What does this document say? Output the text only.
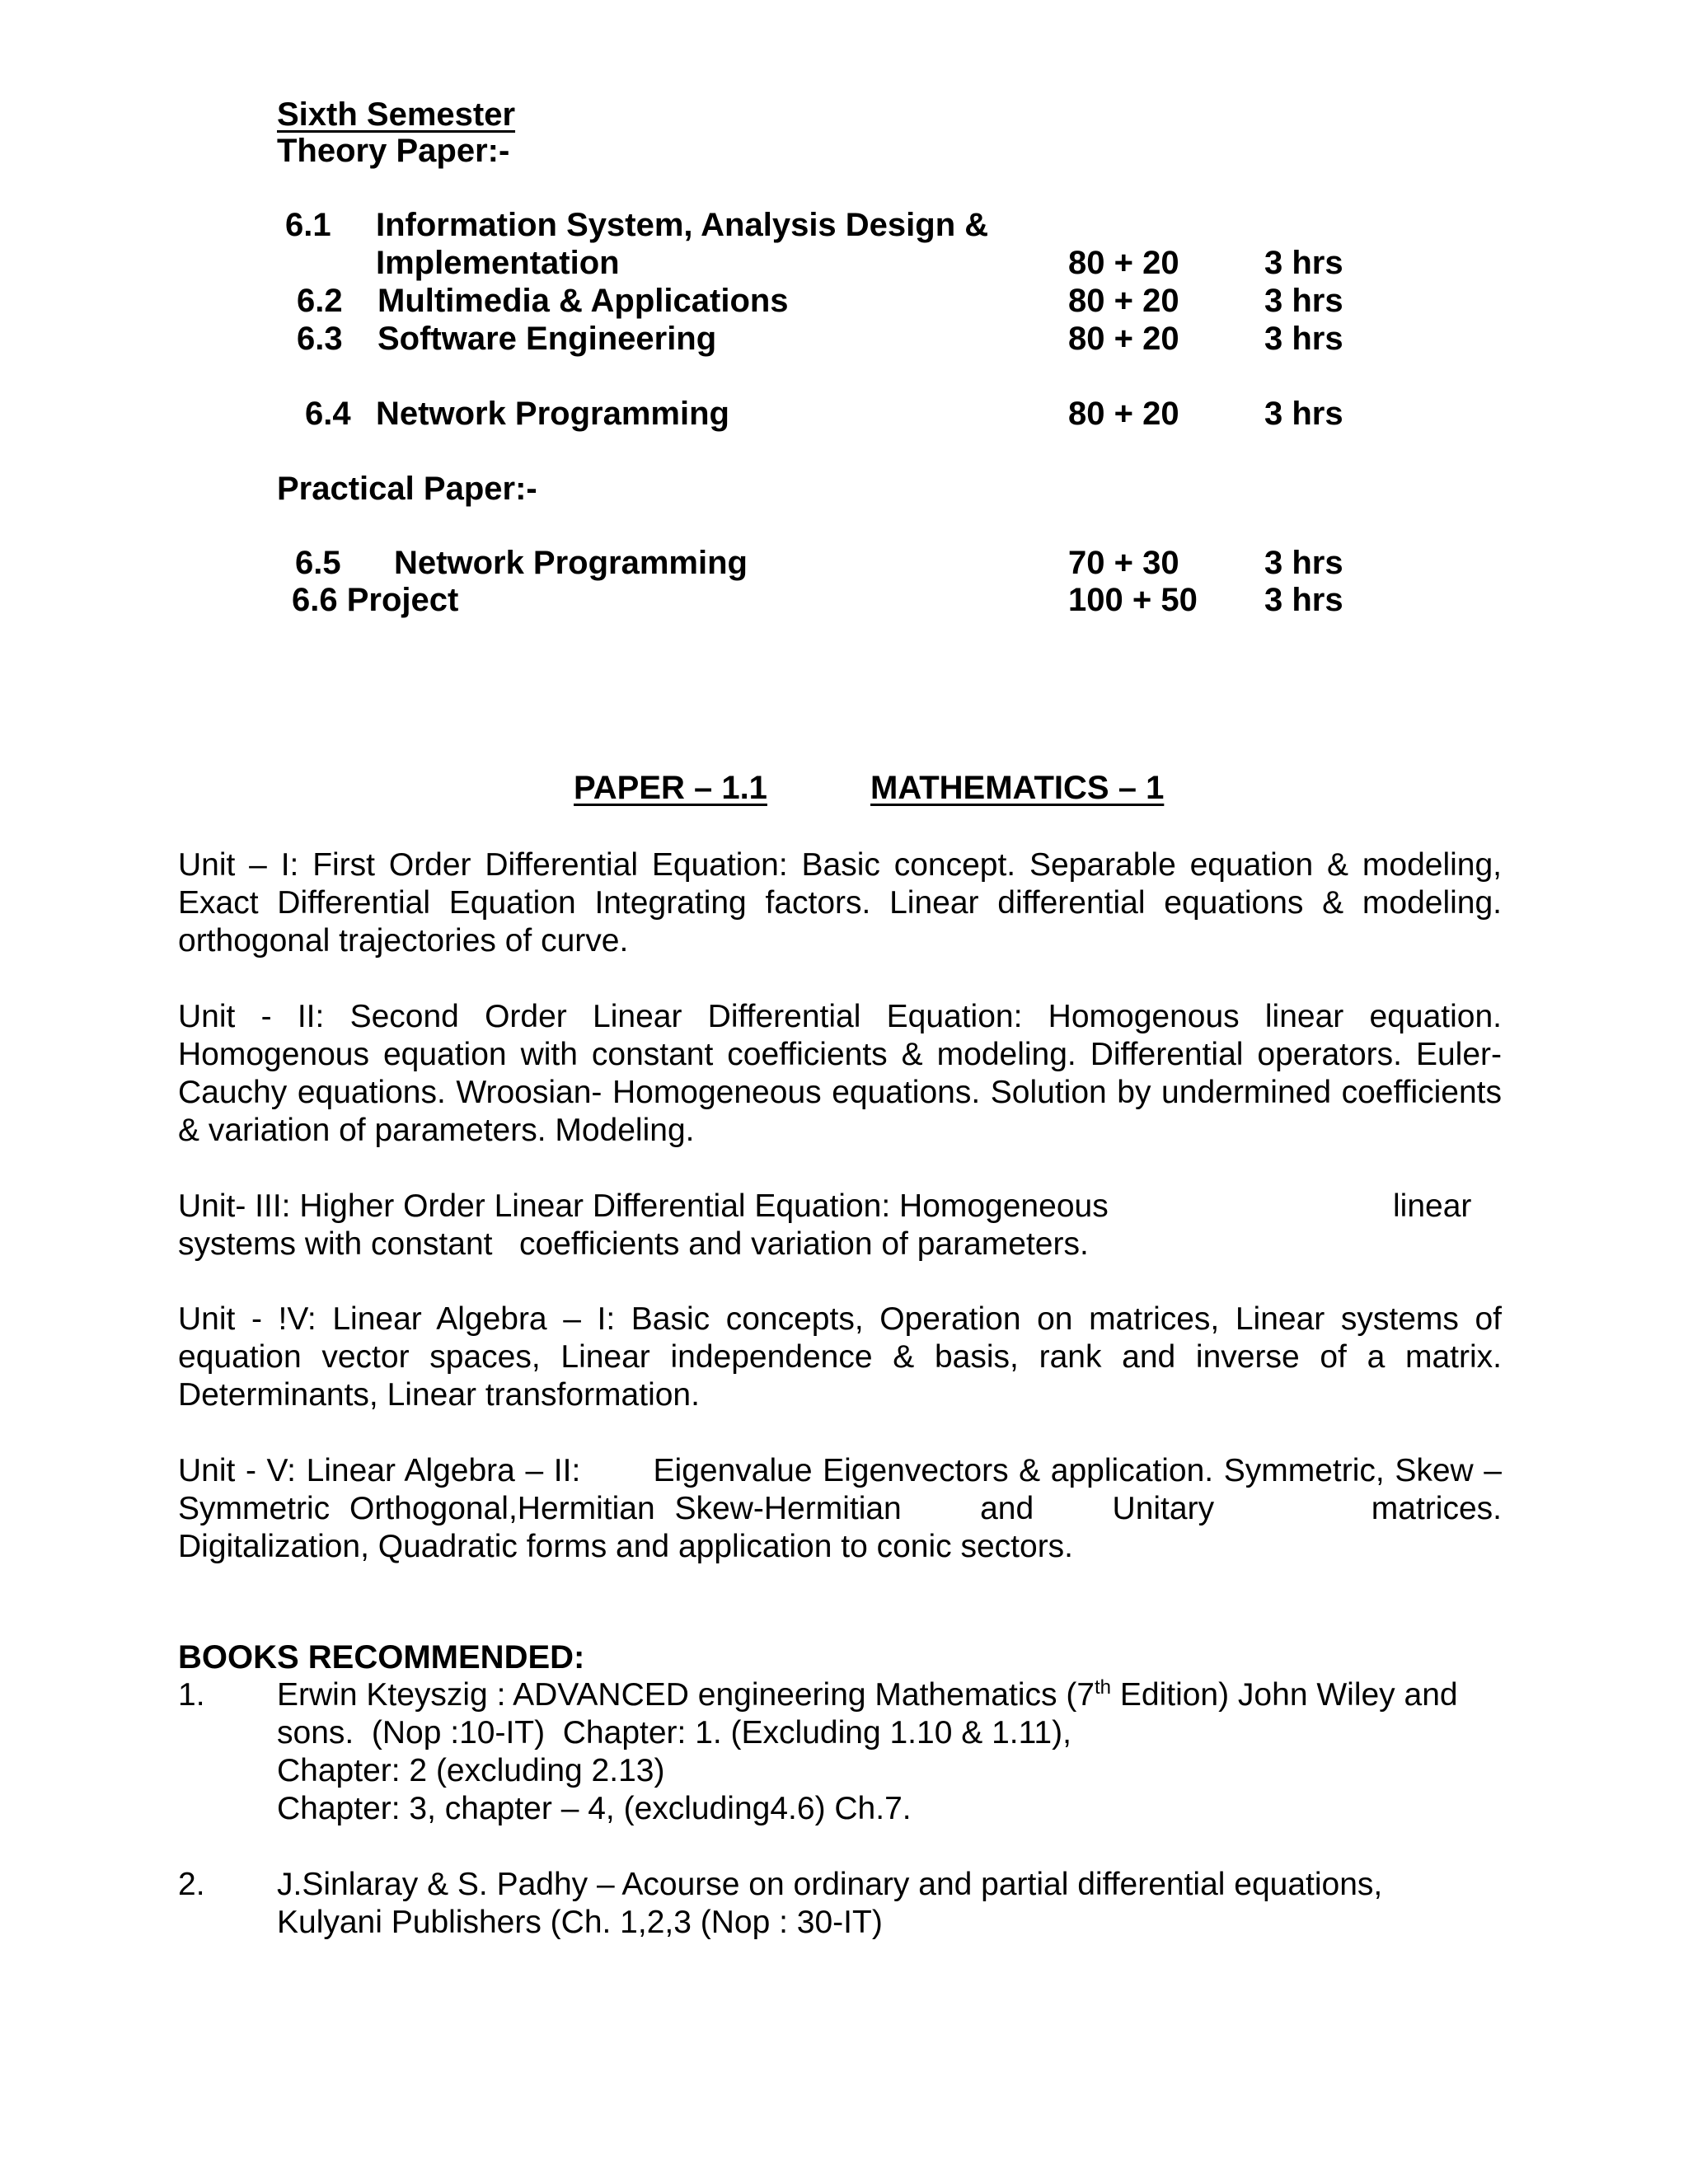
Sixth Semester
Theory Paper:-
6.1 Information System, Analysis Design &
Implementation	80 + 20	3 hrs
6.2 Multimedia & Applications	80 + 20	3 hrs
6.3 Software Engineering	80 + 20	3 hrs
6.4 Network Programming	80 + 20	3 hrs
Practical Paper:-
6.5 Network Programming	70 + 30	3 hrs
6.6 Project	100 + 50 3 hrs
PAPER – 1.1	MATHEMATICS – 1
Unit – I: First Order Differential Equation: Basic concept. Separable equation & modeling, Exact Differential Equation Integrating factors. Linear differential equations & modeling. orthogonal trajectories of curve.
Unit - II: Second Order Linear Differential Equation: Homogenous linear equation. Homogenous equation with constant coefficients & modeling. Differential operators. Euler-Cauchy equations. Wroosian- Homogeneous equations. Solution by undermined coefficients & variation of parameters. Modeling.
Unit- III: Higher Order Linear Differential Equation: Homogeneous	linear
systems with constant   coefficients and variation of parameters.
Unit - !V: Linear Algebra – I: Basic concepts, Operation on matrices, Linear systems of equation vector spaces, Linear independence & basis, rank and inverse of a matrix. Determinants, Linear transformation.
Unit - V: Linear Algebra – II:       Eigenvalue Eigenvectors & application. Symmetric, Skew –Symmetric Orthogonal,Hermitian Skew-Hermitian    and    Unitary        matrices. Digitalization, Quadratic forms and application to conic sectors.
BOOKS RECOMMENDED:
1. Erwin Kteyszig : ADVANCED engineering Mathematics (7th Edition) John Wiley and
sons.  (Nop :10-IT)  Chapter: 1. (Excluding 1.10 & 1.11),
Chapter: 2 (excluding 2.13)
Chapter: 3, chapter – 4, (excluding4.6) Ch.7.
2. J.Sinlaray & S. Padhy – Acourse on ordinary and partial differential equations,
Kulyani Publishers (Ch. 1,2,3 (Nop : 30-IT)
